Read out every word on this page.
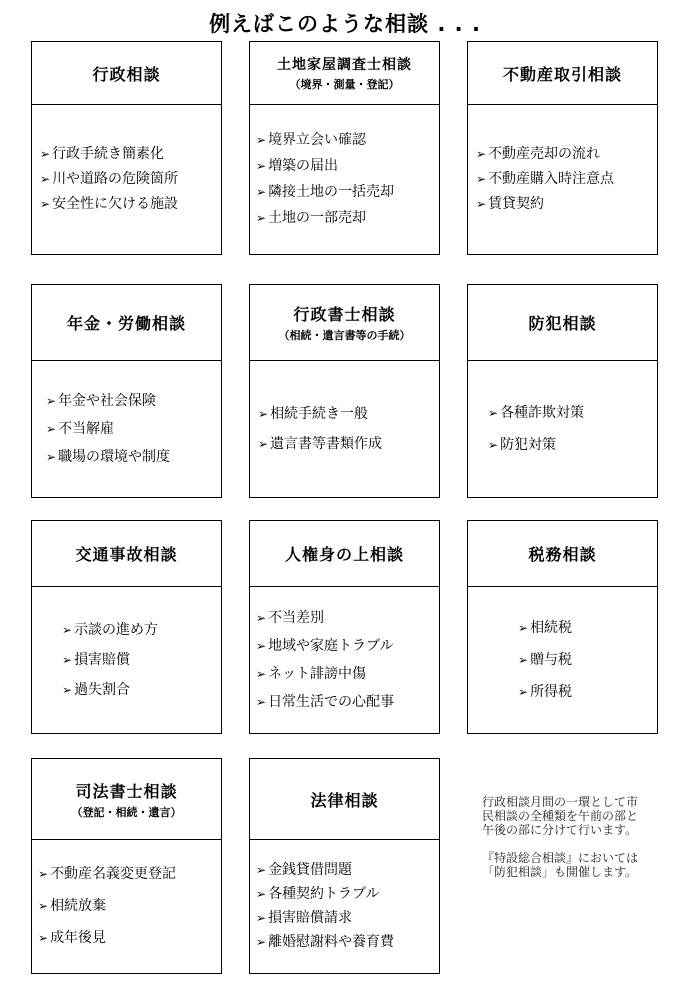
例えばこのような相談 . . .
行政相談
➢ 行政手続き簡素化
➢ 川や道路の危険箇所
➢ 安全性に欠ける施設
土地家屋調査士相談
（境界・測量・登記）
➢ 境界立会い確認
➢ 増築の届出
➢ 隣接土地の一括売却
➢ 土地の一部売却
不動産取引相談
➢ 不動産売却の流れ
➢ 不動産購入時注意点
➢ 賃貸契約
年金・労働相談
➢ 年金や社会保険
➢ 不当解雇
➢ 職場の環境や制度
行政書士相談
（相続・遺言書等の手続）
➢ 相続手続き一般
➢ 遺言書等書類作成
防犯相談
➢ 各種詐欺対策
➢ 防犯対策
交通事故相談
➢ 示談の進め方
➢ 損害賠償
➢ 過失割合
人権身の上相談
➢ 不当差別
➢ 地域や家庭トラブル
➢ ネット誹謗中傷
➢ 日常生活での心配事
税務相談
➢ 相続税
➢ 贈与税
➢ 所得税
司法書士相談
（登記・相続・遺言）
➢ 不動産名義変更登記
➢ 相続放棄
➢ 成年後見
法律相談
➢ 金銭貸借問題
➢ 各種契約トラブル
➢ 損害賠償請求
➢ 離婚慰謝料や養育費

行政相談月間の一環として市民相談の全種類を午前の部と午後の部に分けて行います。

『特設総合相談』においては「防犯相談」も開催します。
